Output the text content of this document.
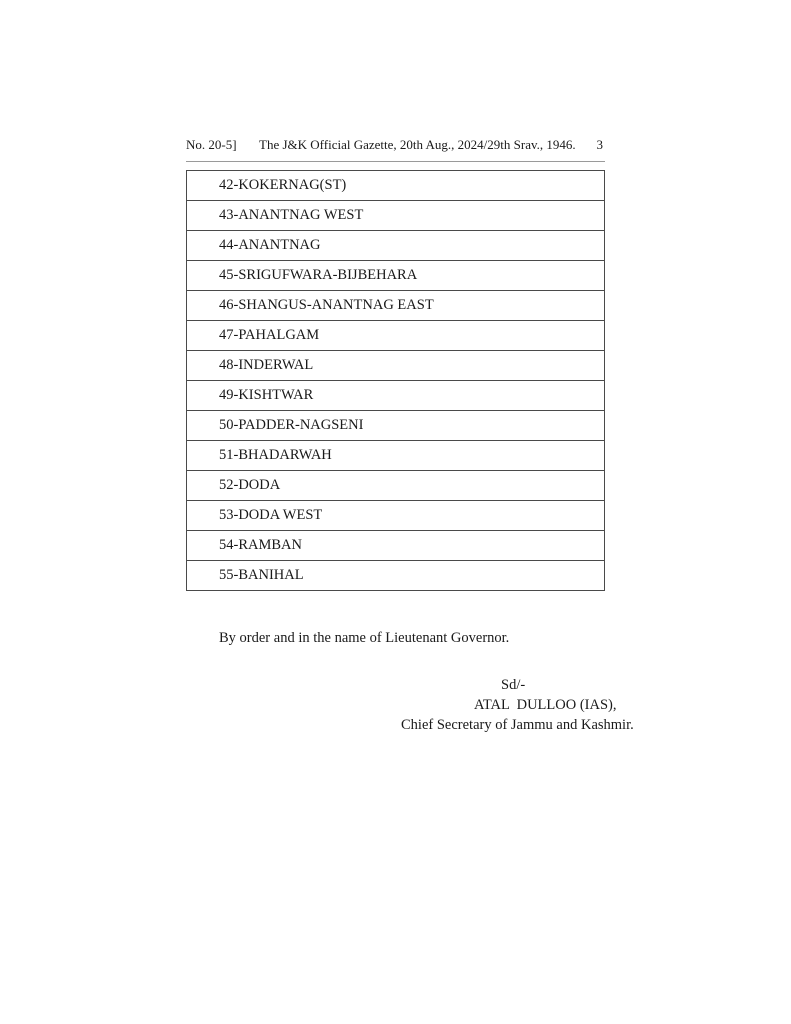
No. 20-5] The J&K Official Gazette, 20th Aug., 2024/29th Srav., 1946. 3
42-KOKERNAG(ST)
43-ANANTNAG WEST
44-ANANTNAG
45-SRIGUFWARA-BIJBEHARA
46-SHANGUS-ANANTNAG EAST
47-PAHALGAM
48-INDERWAL
49-KISHTWAR
50-PADDER-NAGSENI
51-BHADARWAH
52-DODA
53-DODA WEST
54-RAMBAN
55-BANIHAL
By order and in the name of Lieutenant Governor.
Sd/-
ATAL  DULLOO (IAS),
Chief Secretary of Jammu and Kashmir.
